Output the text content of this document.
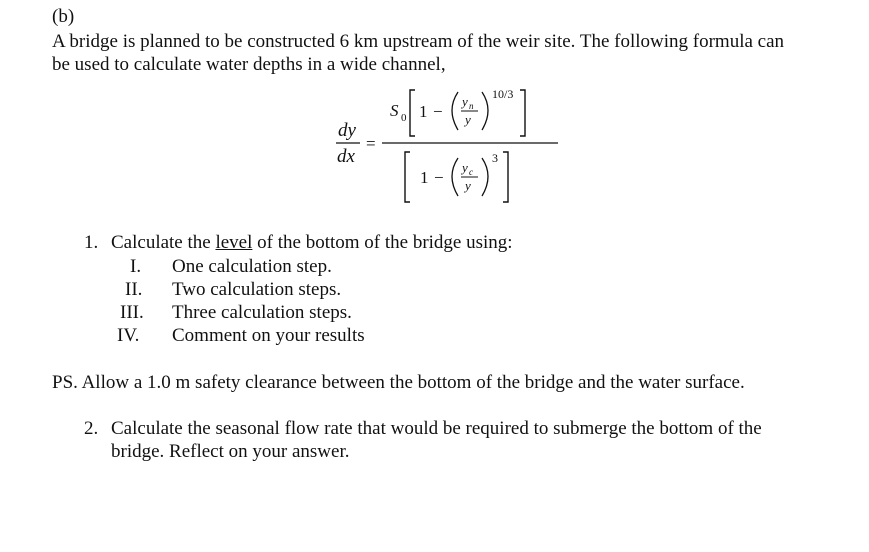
(b)
A bridge is planned to be constructed 6 km upstream of the weir site. The following formula can
be used to calculate water depths in a wide channel,
dy
dx
=
S 0 1 −
y n
y
10/3
1 −
y c
y
3
1. Calculate the level of the bottom of the bridge using:
I. One calculation step.
II. Two calculation steps.
III. Three calculation steps.
IV. Comment on your results
PS. Allow a 1.0 m safety clearance between the bottom of the bridge and the water surface.
2. Calculate the seasonal flow rate that would be required to submerge the bottom of the
bridge. Reflect on your answer.
